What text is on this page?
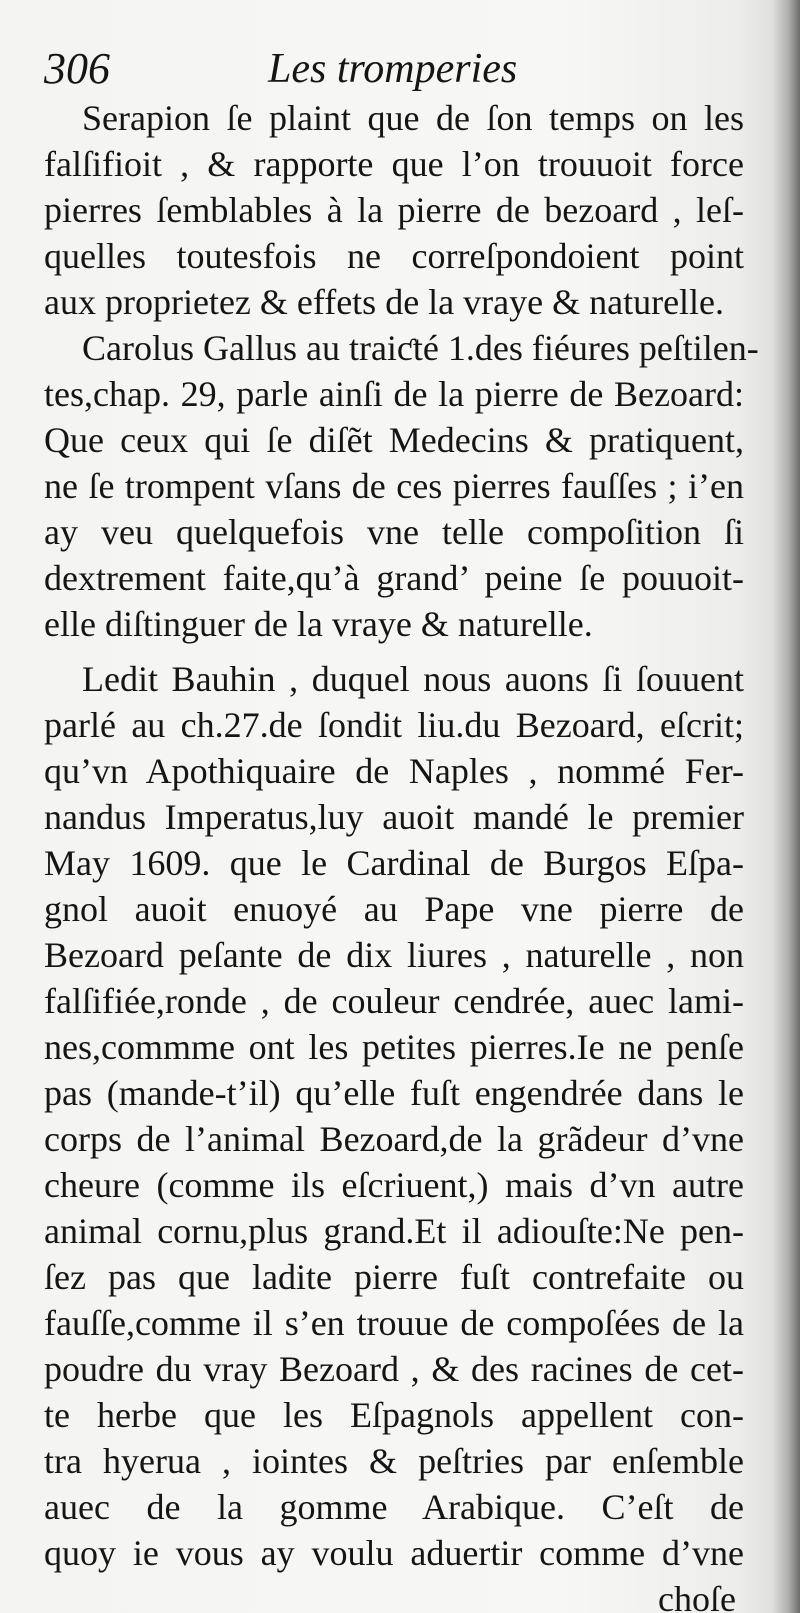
306	Les tromperies
Serapion ſe plaint que de ſon temps on les
falſifioit , & rapporte que l’on trouuoit force
pierres ſemblables à la pierre de bezoard , leſ-
quelles toutesfois ne correſpondoient point
aux proprietez & effets de la vraye & naturelle.
Carolus Gallus au traiƈté 1.des fiéures peſtilen-
tes,chap. 29, parle ainſi de la pierre de Bezoard:
Que ceux qui ſe diſẽt Medecins & pratiquent,
ne ſe trompent vſans de ces pierres fauſſes ; i’en
ay veu quelquefois vne telle compoſition ſi
dextrement faite,qu’à grand’ peine ſe pouuoit-
elle diſtinguer de la vraye & naturelle.
Ledit Bauhin , duquel nous auons ſi ſouuent
parlé au ch.27.de ſondit liu.du Bezoard, eſcrit;
qu’vn Apothiquaire de Naples , nommé Fer-
nandus Imperatus,luy auoit mandé le premier
May 1609. que le Cardinal de Burgos Eſpa-
gnol auoit enuoyé au Pape vne pierre de
Bezoard peſante de dix liures , naturelle , non
falſifiée,ronde , de couleur cendrée, auec lami-
nes,commme ont les petites pierres.Ie ne penſe
pas (mande-t’il) qu’elle fuſt engendrée dans le
corps de l’animal Bezoard,de la grãdeur d’vne
cheure (comme ils eſcriuent,) mais d’vn autre
animal cornu,plus grand.Et il adiouſte:Ne pen-
ſez pas que ladite pierre fuſt contrefaite ou
fauſſe,comme il s’en trouue de compoſées de la
poudre du vray Bezoard , & des racines de cet-
te herbe que les Eſpagnols appellent con-
tra hyerua , iointes & peſtries par enſemble
auec de la gomme Arabique. C’eſt de
quoy ie vous ay voulu aduertir comme d’vne
choſe
